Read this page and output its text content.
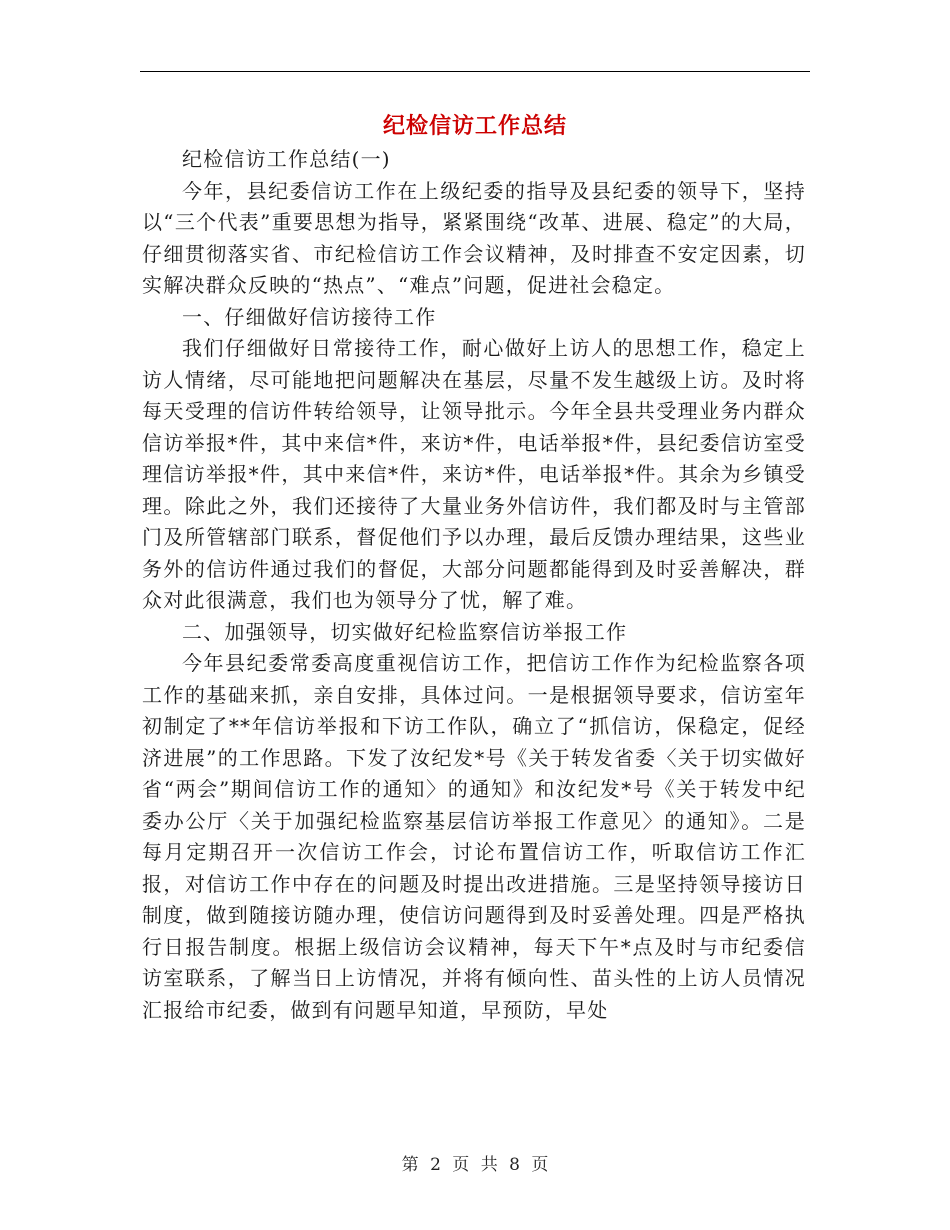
纪检信访工作总结

纪检信访工作总结(一)

今年，县纪委信访工作在上级纪委的指导及县纪委的领导下，坚持以“三个代表”重要思想为指导，紧紧围绕“改革、进展、稳定”的大局，仔细贯彻落实省、市纪检信访工作会议精神，及时排查不安定因素，切实解决群众反映的“热点”、“难点”问题，促进社会稳定。

一、仔细做好信访接待工作

我们仔细做好日常接待工作，耐心做好上访人的思想工作，稳定上访人情绪，尽可能地把问题解决在基层，尽量不发生越级上访。及时将每天受理的信访件转给领导，让领导批示。今年全县共受理业务内群众信访举报*件，其中来信*件，来访*件，电话举报*件，县纪委信访室受理信访举报*件，其中来信*件，来访*件，电话举报*件。其余为乡镇受理。除此之外，我们还接待了大量业务外信访件，我们都及时与主管部门及所管辖部门联系，督促他们予以办理，最后反馈办理结果，这些业务外的信访件通过我们的督促，大部分问题都能得到及时妥善解决，群众对此很满意，我们也为领导分了忧，解了难。

二、加强领导，切实做好纪检监察信访举报工作

今年县纪委常委高度重视信访工作，把信访工作作为纪检监察各项工作的基础来抓，亲自安排，具体过问。一是根据领导要求，信访室年初制定了**年信访举报和下访工作队，确立了“抓信访，保稳定，促经济进展”的工作思路。下发了汝纪发*号《关于转发省委〈关于切实做好省“两会”期间信访工作的通知〉的通知》和汝纪发*号《关于转发中纪委办公厅〈关于加强纪检监察基层信访举报工作意见〉的通知》。二是每月定期召开一次信访工作会，讨论布置信访工作，听取信访工作汇报，对信访工作中存在的问题及时提出改进措施。三是坚持领导接访日制度，做到随接访随办理，使信访问题得到及时妥善处理。四是严格执行日报告制度。根据上级信访会议精神，每天下午*点及时与市纪委信访室联系，了解当日上访情况，并将有倾向性、苗头性的上访人员情况汇报给市纪委，做到有问题早知道，早预防，早处

第 2 页 共 8 页
